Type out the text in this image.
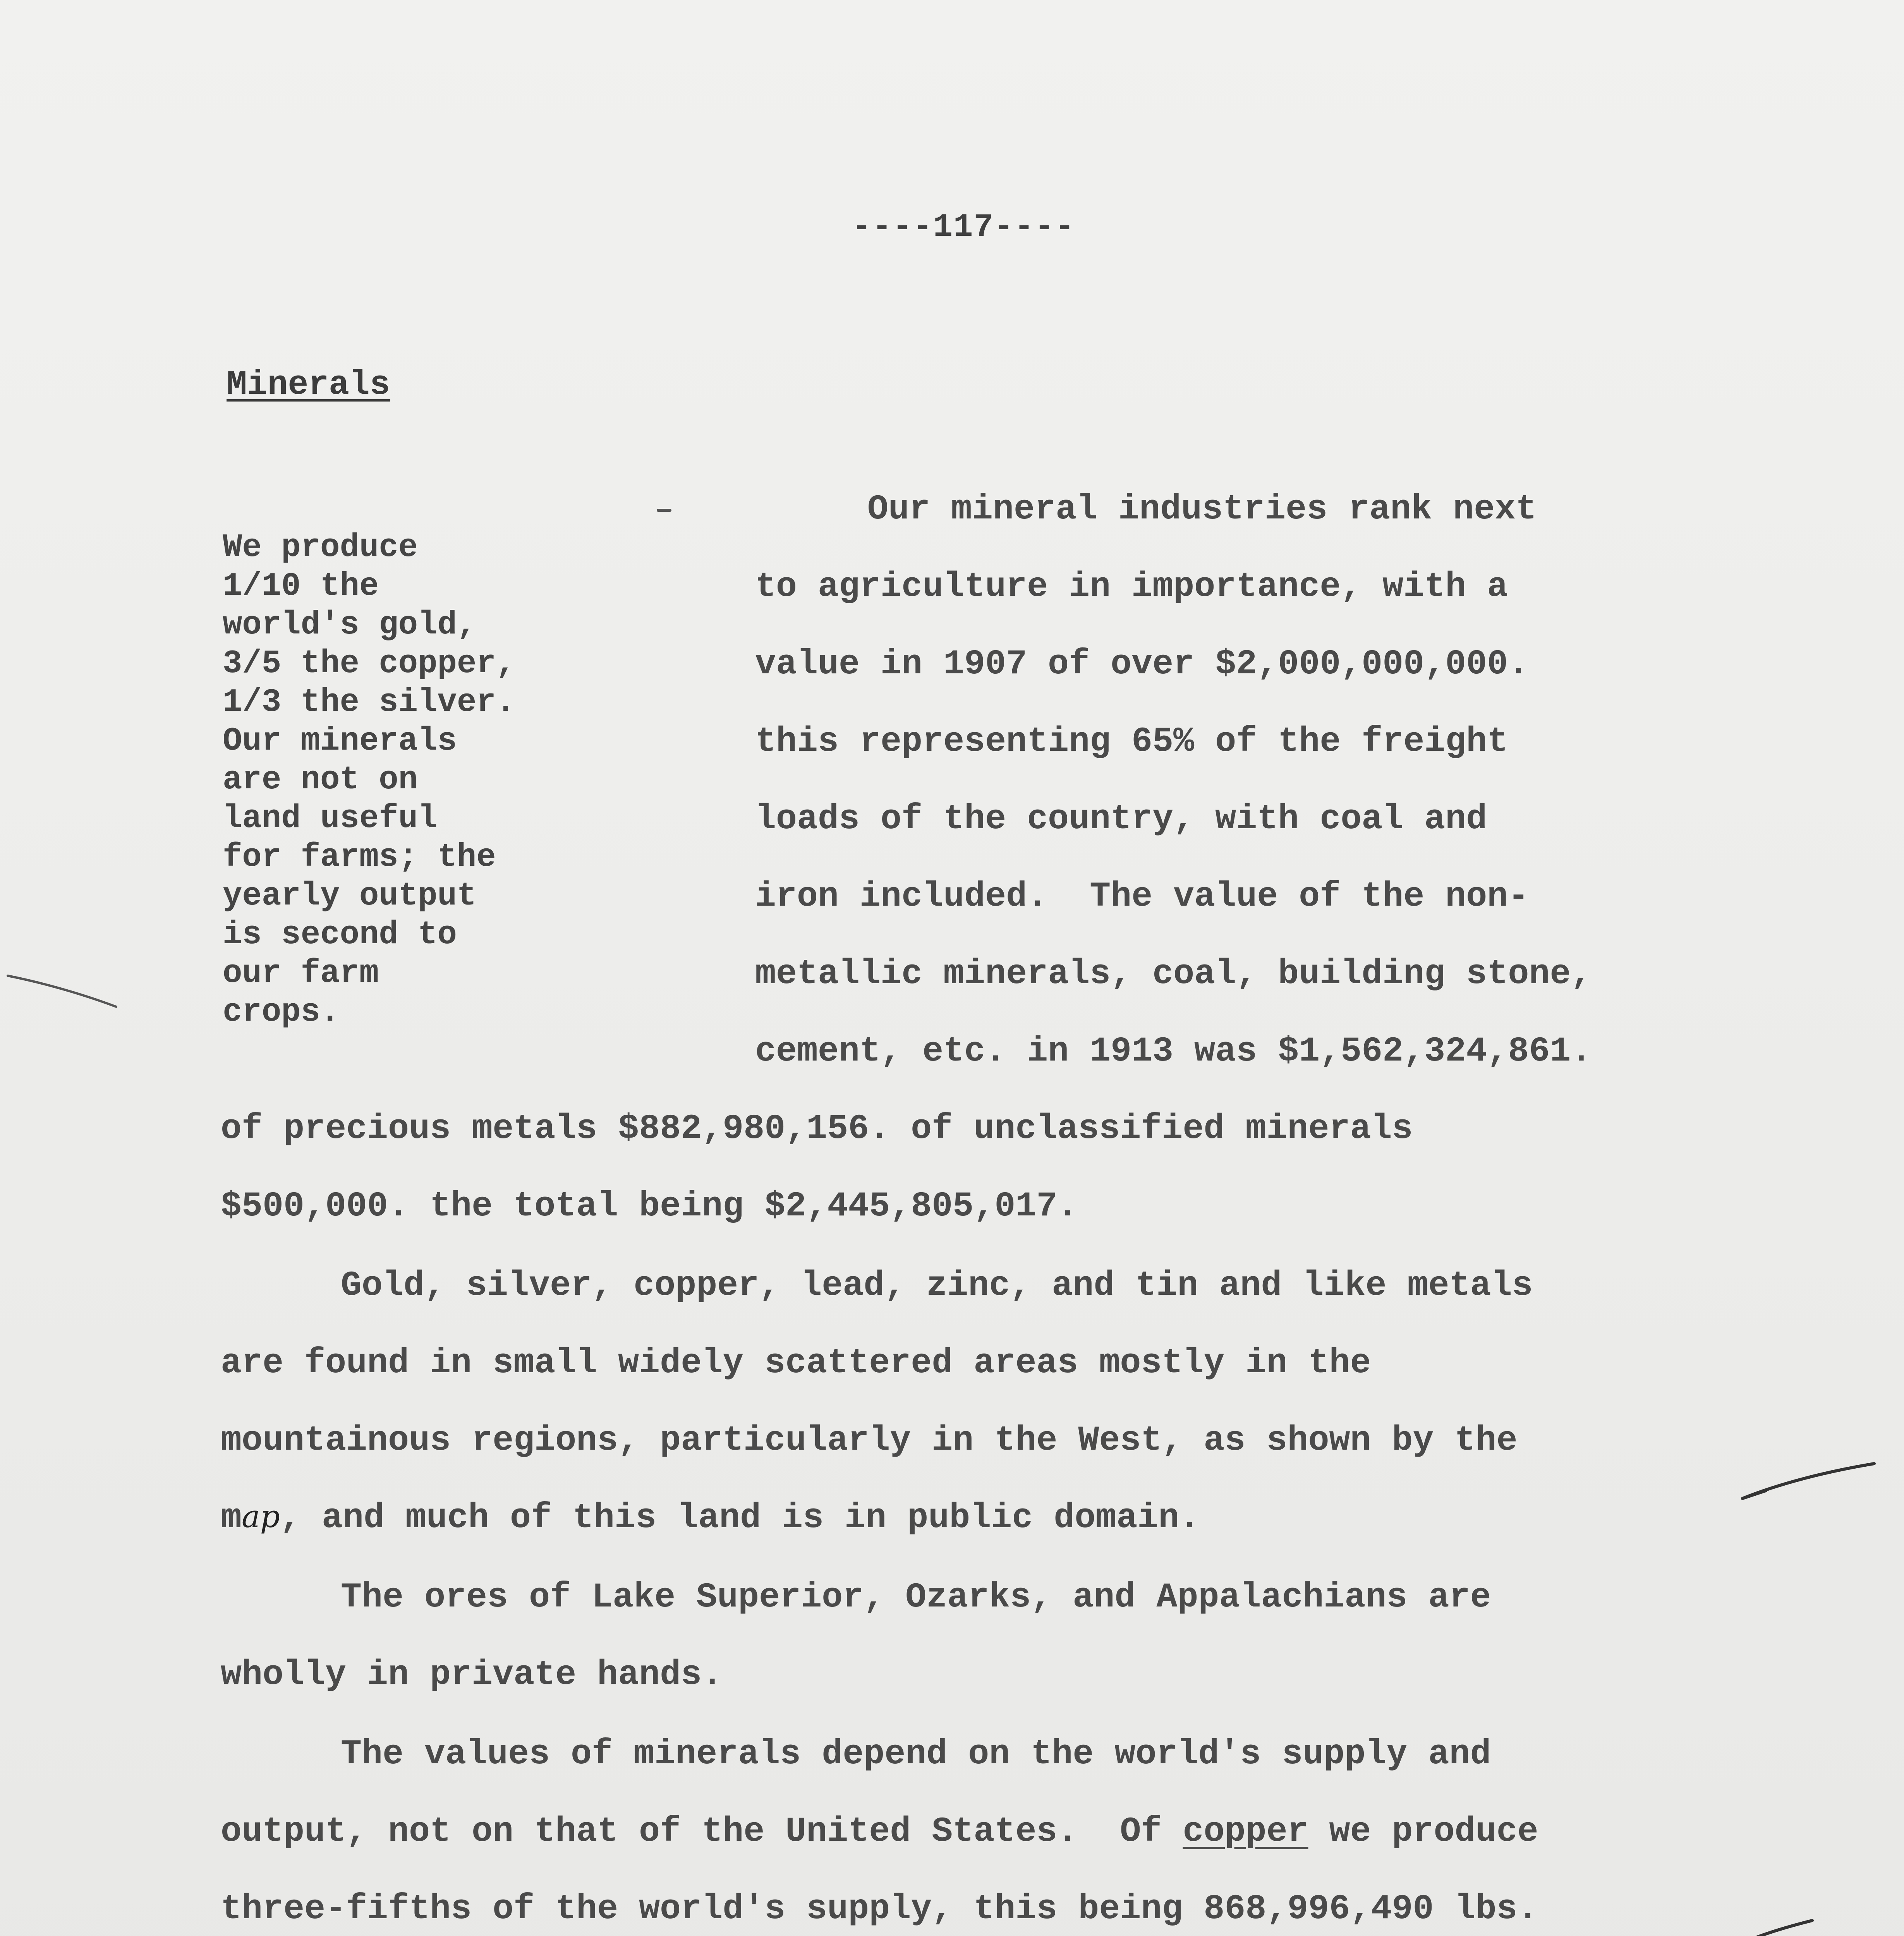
----117----
Minerals
We produce
1/10 the
world's gold,
3/5 the copper,
1/3 the silver.
Our minerals
are not on
land useful
for farms; the
yearly output
is second to
our farm
crops.
Our mineral industries rank next
to agriculture in importance, with a
value in 1907 of over $2,000,000,000.
this representing 65% of the freight
loads of the country, with coal and
iron included.  The value of the non-
metallic minerals, coal, building stone,
cement, etc. in 1913 was $1,562,324,861.
of precious metals $882,980,156. of unclassified minerals
$500,000. the total being $2,445,805,017.
Gold, silver, copper, lead, zinc, and tin and like metals
are found in small widely scattered areas mostly in the
mountainous regions, particularly in the West, as shown by the
map, and much of this land is in public domain.
The ores of Lake Superior, Ozarks, and Appalachians are
wholly in private hands.
The values of minerals depend on the world's supply and
output, not on that of the United States.  Of copper we produce
three-fifths of the world's supply, this being 868,996,490 lbs.
